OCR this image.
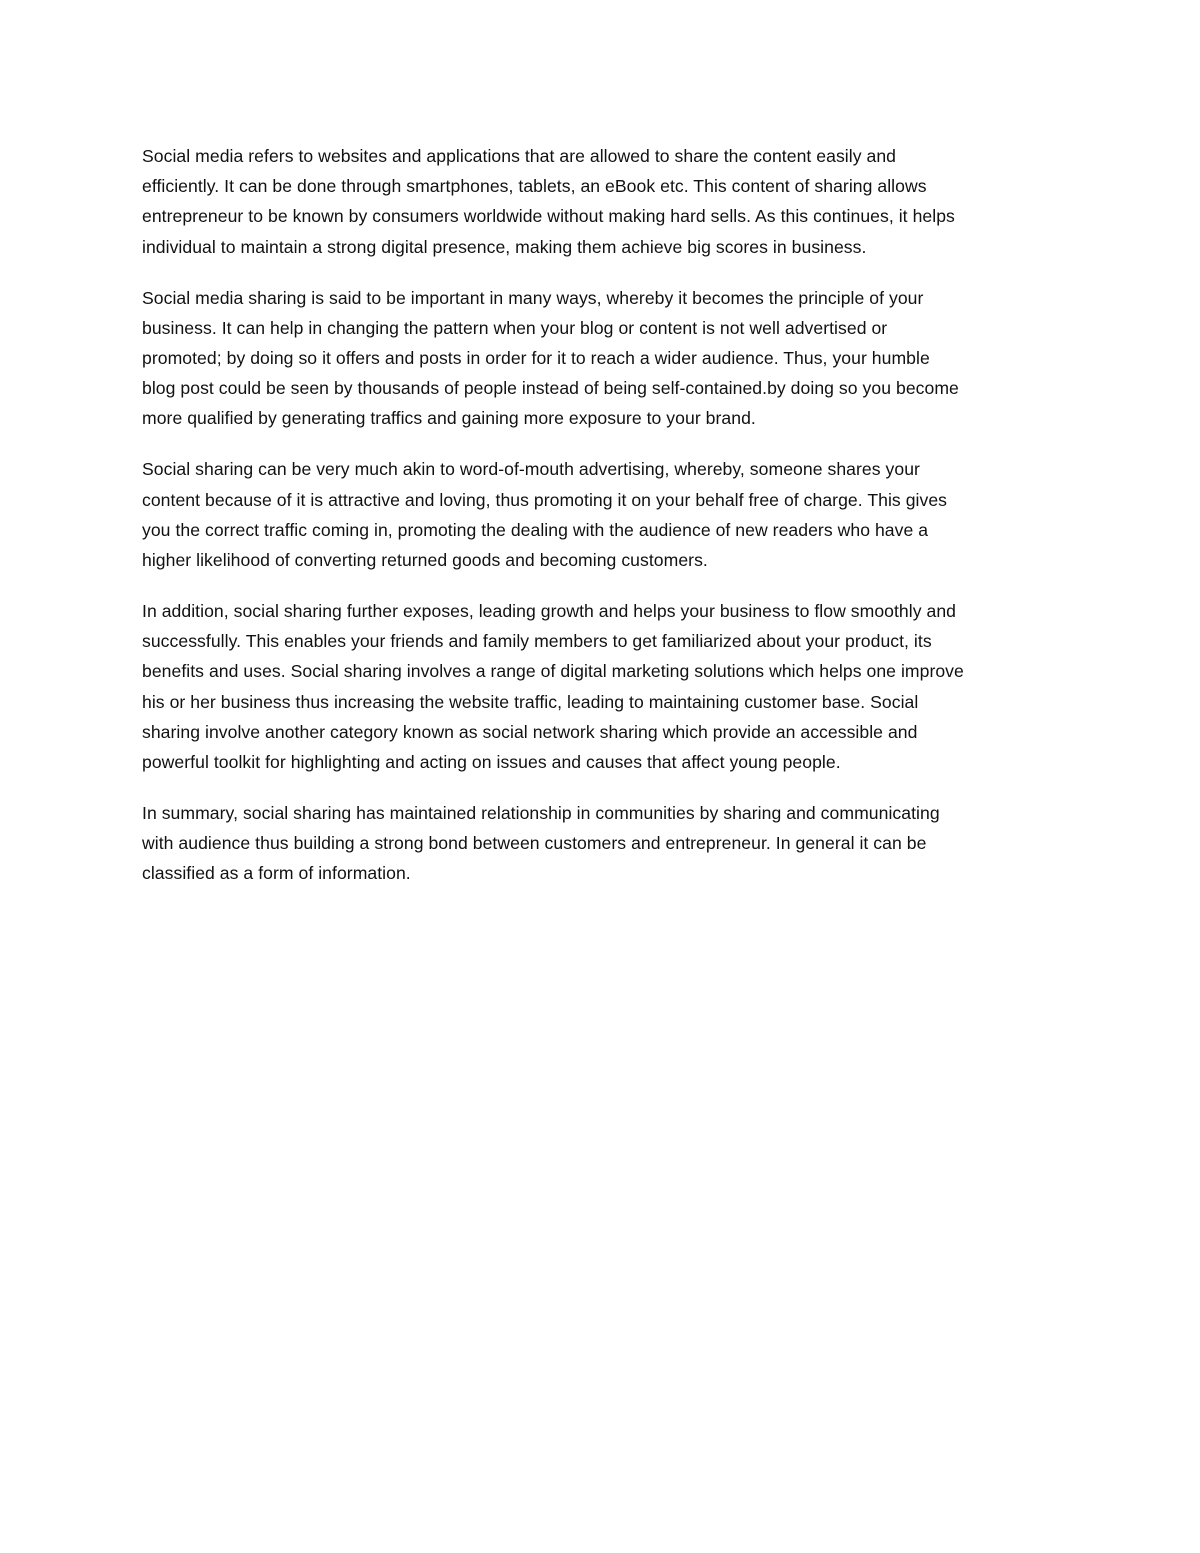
Social media refers to websites and applications that are allowed to share the content easily and
efficiently. It can be done through smartphones, tablets, an eBook etc. This content of sharing allows
entrepreneur to be known by consumers worldwide without making hard sells. As this continues, it helps
individual to maintain a strong digital presence, making them achieve big scores in business.

Social media sharing is said to be important in many ways, whereby it becomes the principle of your
business. It can help in changing the pattern when your blog or content is not well advertised or
promoted; by doing so it offers and posts in order for it to reach a wider audience. Thus, your humble
blog post could be seen by thousands of people instead of being self-contained.by doing so you become
more qualified by generating traffics and gaining more exposure to your brand.

Social sharing can be very much akin to word-of-mouth advertising, whereby, someone shares your
content because of it is attractive and loving, thus promoting it on your behalf free of charge. This gives
you the correct traffic coming in, promoting the dealing with the audience of new readers who have a
higher likelihood of converting returned goods and becoming customers.

In addition, social sharing further exposes, leading growth and helps your business to flow smoothly and
successfully. This enables your friends and family members to get familiarized about your product, its
benefits and uses. Social sharing involves a range of digital marketing solutions which helps one improve
his or her business thus increasing the website traffic, leading to maintaining customer base. Social
sharing involve another category known as social network sharing which provide an accessible and
powerful toolkit for highlighting and acting on issues and causes that affect young people.

In summary, social sharing has maintained relationship in communities by sharing and communicating
with audience thus building a strong bond between customers and entrepreneur. In general it can be
classified as a form of information.
